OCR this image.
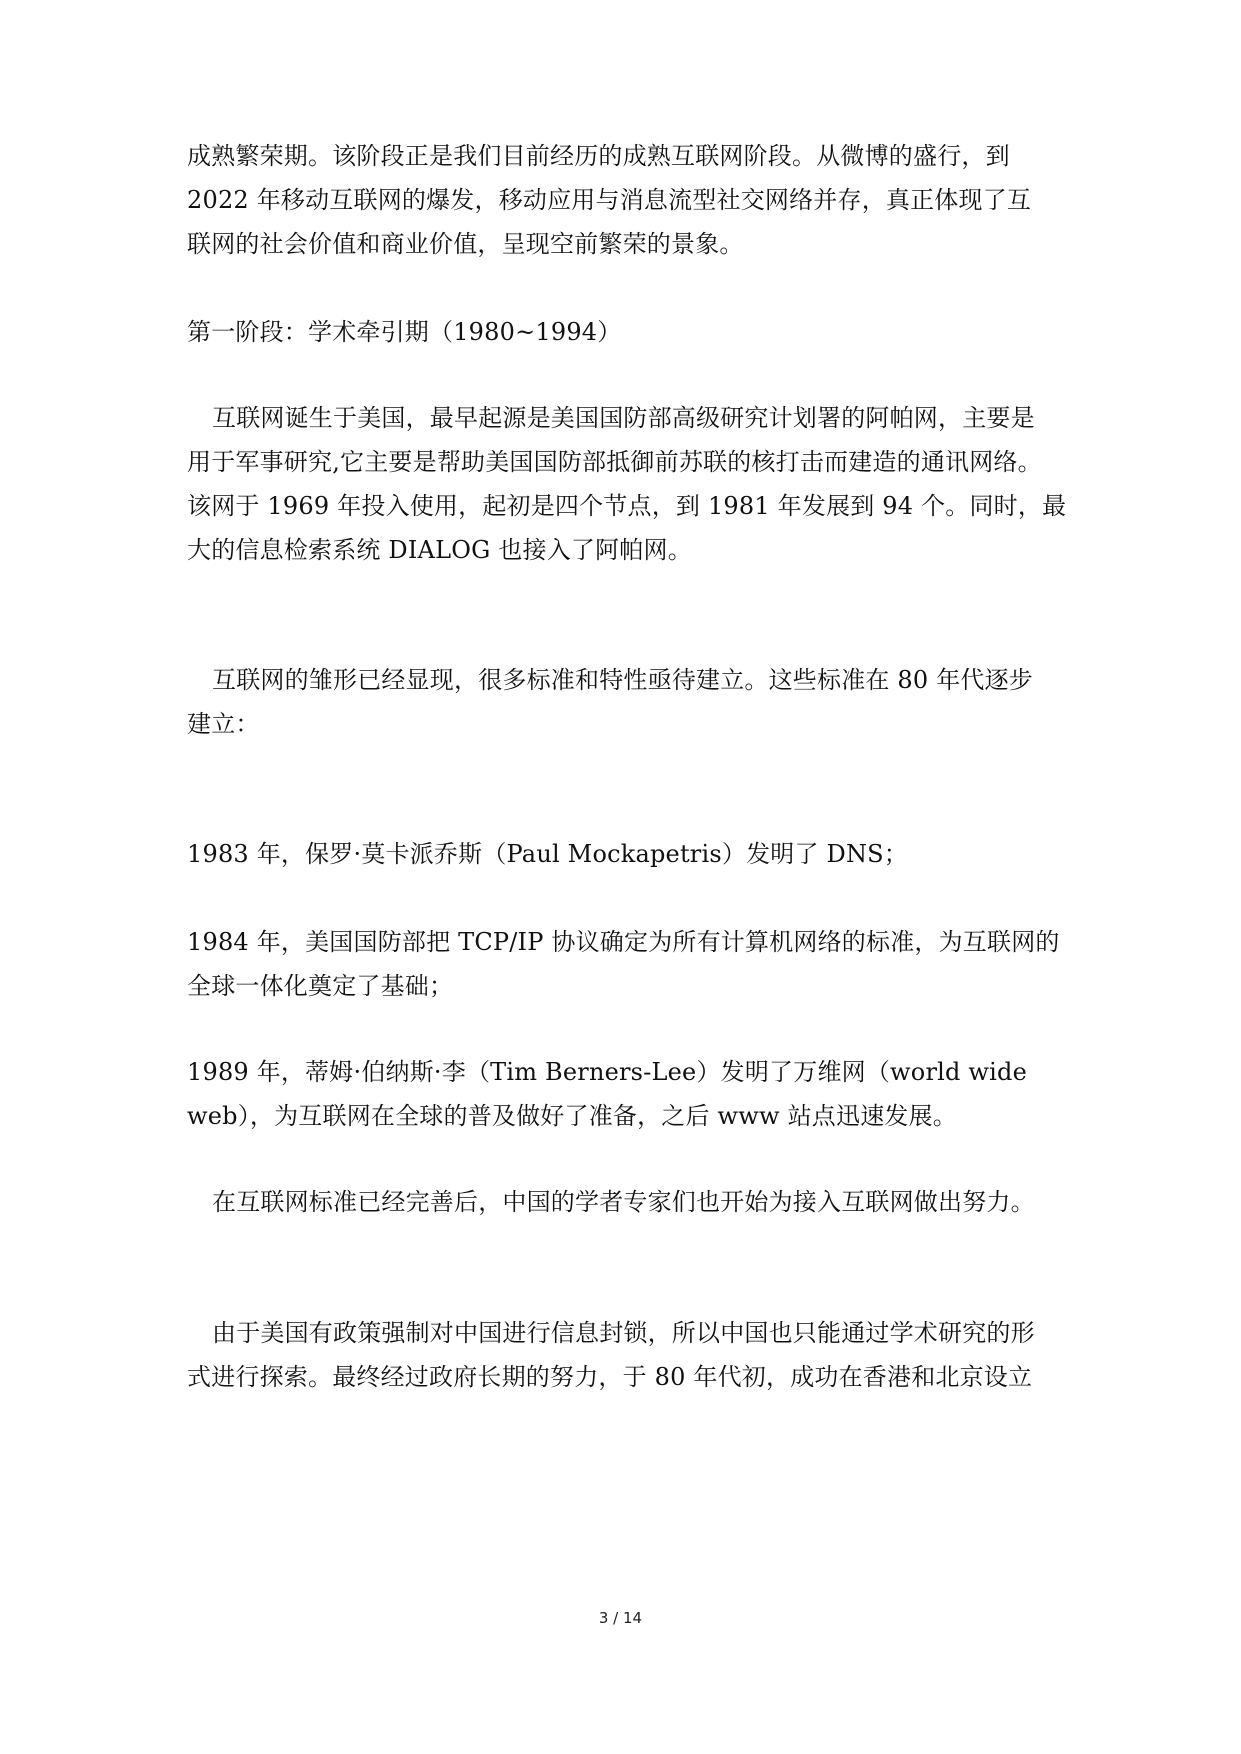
成熟繁荣期。该阶段正是我们目前经历的成熟互联网阶段。从微博的盛行，到
2022 年移动互联网的爆发，移动应用与消息流型社交网络并存，真正体现了互
联网的社会价值和商业价值，呈现空前繁荣的景象。
第一阶段：学术牵引期（1980~1994）
互联网诞生于美国，最早起源是美国国防部高级研究计划署的阿帕网，主要是
用于军事研究,它主要是帮助美国国防部抵御前苏联的核打击而建造的通讯网络。
该网于 1969 年投入使用，起初是四个节点，到 1981 年发展到 94 个。同时，最
大的信息检索系统 DIALOG 也接入了阿帕网。
互联网的雏形已经显现，很多标准和特性亟待建立。这些标准在 80 年代逐步
建立：
1983 年，保罗·莫卡派乔斯（Paul Mockapetris）发明了 DNS；
1984 年，美国国防部把 TCP/IP 协议确定为所有计算机网络的标准，为互联网的
全球一体化奠定了基础；
1989 年，蒂姆·伯纳斯·李（Tim Berners-Lee）发明了万维网（world wide
web），为互联网在全球的普及做好了准备，之后 www 站点迅速发展。
在互联网标准已经完善后，中国的学者专家们也开始为接入互联网做出努力。
由于美国有政策强制对中国进行信息封锁，所以中国也只能通过学术研究的形
式进行探索。最终经过政府长期的努力，于 80 年代初，成功在香港和北京设立
3 / 14
